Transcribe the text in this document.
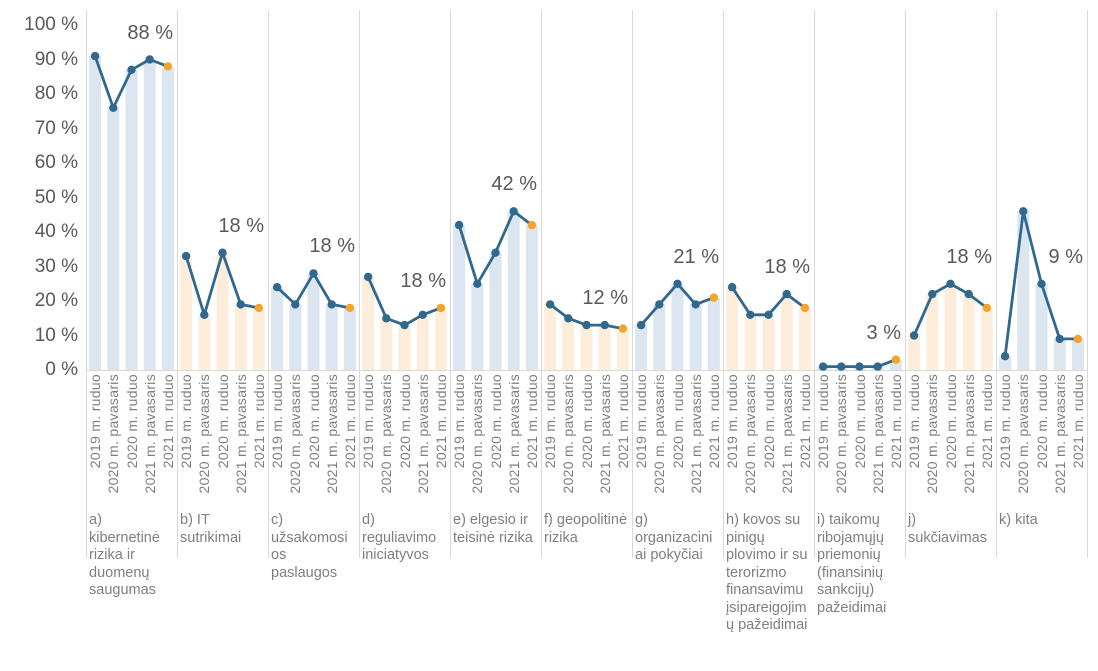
0 %
10 %
20 %
30 %
40 %
50 %
60 %
70 %
80 %
90 %
100 % 88 %
2019 m. ruduo 2020 m. pavasaris 2020 m. ruduo 2021 m. pavasaris 2021 m. ruduo
a) kibernetinė rizika ir duomenų saugumas
18 %
2019 m. ruduo 2020 m. pavasaris 2020 m. ruduo 2021 m. pavasaris 2021 m. ruduo
b) IT sutrikimai
18 %
2019 m. ruduo 2020 m. pavasaris 2020 m. ruduo 2021 m. pavasaris 2021 m. ruduo
c) užsakomosios paslaugos
18 %
2019 m. ruduo 2020 m. pavasaris 2020 m. ruduo 2021 m. pavasaris 2021 m. ruduo
d) reguliavimo iniciatyvos
42 %
2019 m. ruduo 2020 m. pavasaris 2020 m. ruduo 2021 m. pavasaris 2021 m. ruduo
e) elgesio ir teisinė rizika
12 %
2019 m. ruduo 2020 m. pavasaris 2020 m. ruduo 2021 m. pavasaris 2021 m. ruduo
f) geopolitinė rizika
21 %
2019 m. ruduo 2020 m. pavasaris 2020 m. ruduo 2021 m. pavasaris 2021 m. ruduo
g) organizaciniai pokyčiai
18 %
2019 m. ruduo 2020 m. pavasaris 2020 m. ruduo 2021 m. pavasaris 2021 m. ruduo
h) kovos su pinigų plovimo ir su terorizmo finansavimu įsipareigojimų pažeidimai
3 %
2019 m. ruduo 2020 m. pavasaris 2020 m. ruduo 2021 m. pavasaris 2021 m. ruduo
i) taikomų ribojamųjų priemonių (finansinių sankcijų) pažeidimai
18 %
2019 m. ruduo 2020 m. pavasaris 2020 m. ruduo 2021 m. pavasaris 2021 m. ruduo
j) sukčiavimas
9 %
2019 m. ruduo 2020 m. pavasaris 2020 m. ruduo 2021 m. pavasaris 2021 m. ruduo
k) kita
